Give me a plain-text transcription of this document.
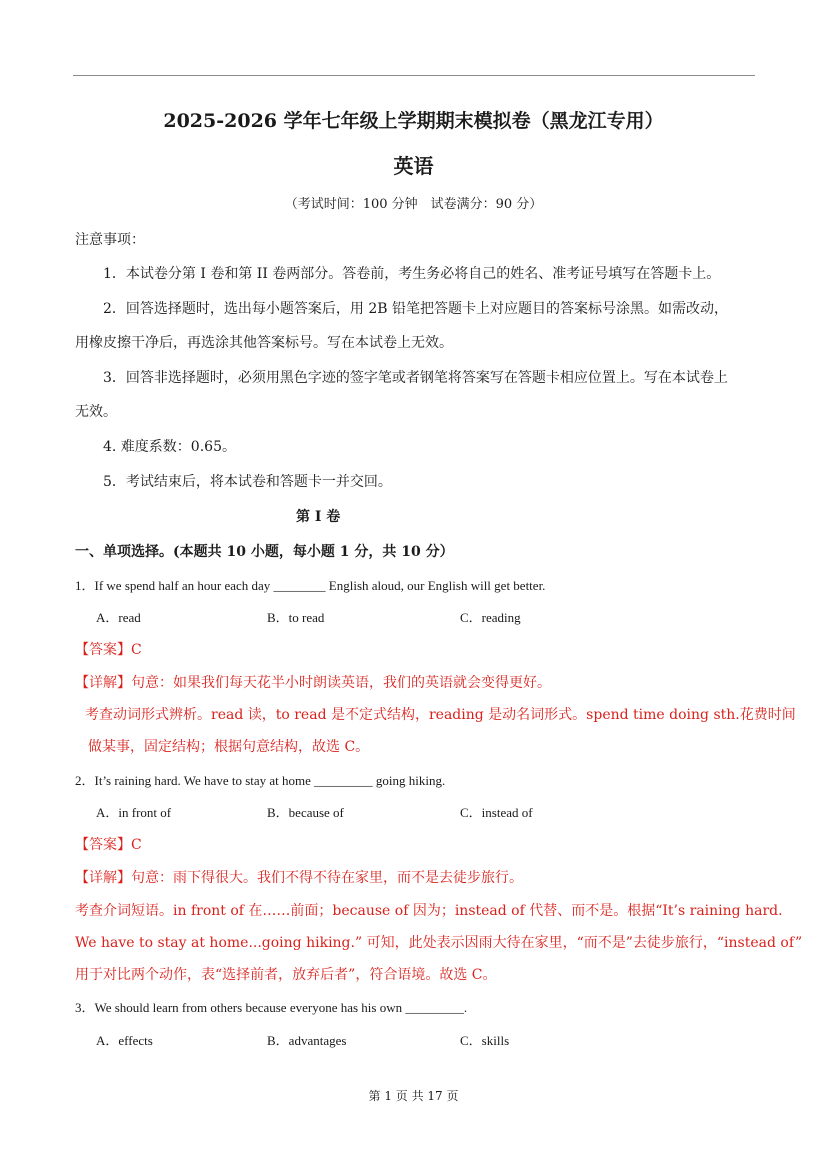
2025-2026 学年七年级上学期期末模拟卷（黑龙江专用）
英语
（考试时间：100 分钟　试卷满分：90 分）
注意事项：
1．本试卷分第 I 卷和第 II 卷两部分。答卷前，考生务必将自己的姓名、准考证号填写在答题卡上。
2．回答选择题时，选出每小题答案后，用 2B 铅笔把答题卡上对应题目的答案标号涂黑。如需改动，
用橡皮擦干净后，再选涂其他答案标号。写在本试卷上无效。
3．回答非选择题时，必须用黑色字迹的签字笔或者钢笔将答案写在答题卡相应位置上。写在本试卷上
无效。
4. 难度系数：0.65。
5．考试结束后，将本试卷和答题卡一并交回。
第 I 卷
一、单项选择。(本题共 10 小题，每小题 1 分，共 10 分）
1．If we spend half an hour each day ________ English aloud, our English will get better.
A．read	B．to read	C．reading
【答案】C
【详解】句意：如果我们每天花半小时朗读英语，我们的英语就会变得更好。
考查动词形式辨析。read 读，to read 是不定式结构，reading 是动名词形式。spend time doing sth.花费时间
做某事，固定结构；根据句意结构，故选 C。
2．It’s raining hard. We have to stay at home _________ going hiking.
A．in front of	B．because of	C．instead of
【答案】C
【详解】句意：雨下得很大。我们不得不待在家里，而不是去徒步旅行。
考查介词短语。in front of 在……前面；because of 因为；instead of 代替、而不是。根据“It’s raining hard.
We have to stay at home...going hiking.” 可知，此处表示因雨大待在家里，“而不是”去徒步旅行，“instead of”
用于对比两个动作，表“选择前者，放弃后者”，符合语境。故选 C。
3．We should learn from others because everyone has his own _________.
A．effects	B．advantages	C．skills
第 1 页 共 17 页
